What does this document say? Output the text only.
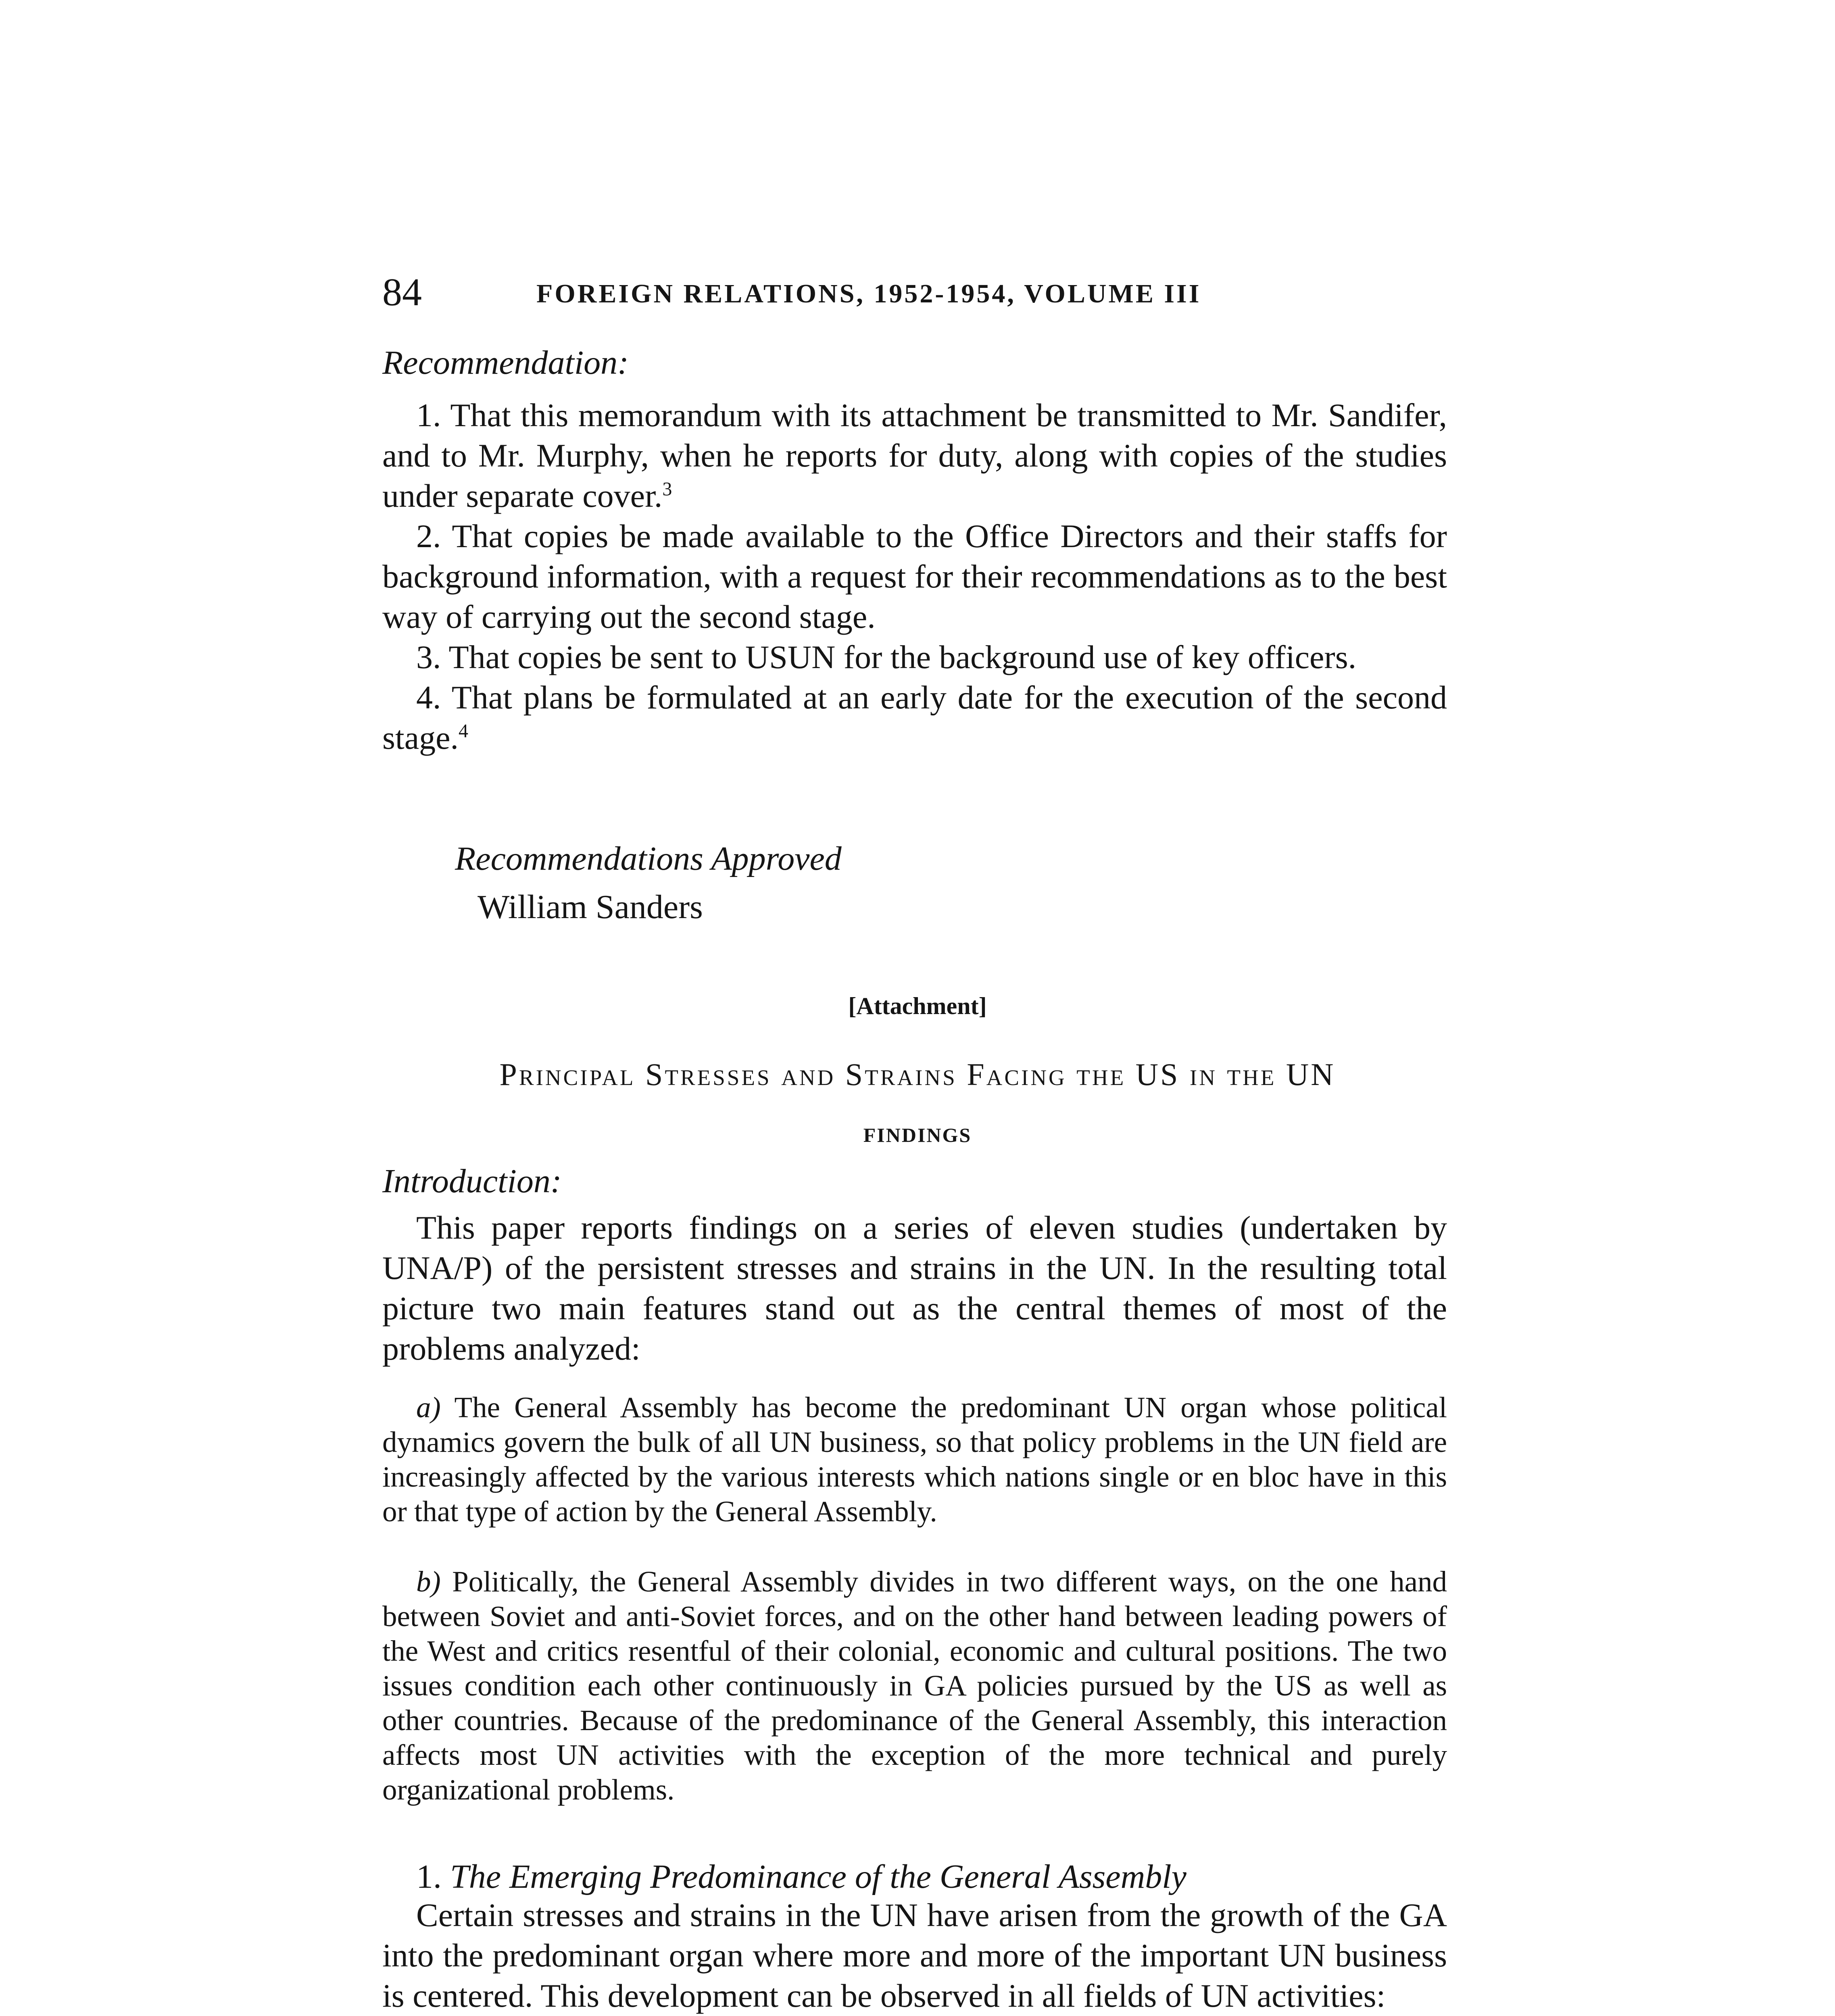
84	FOREIGN RELATIONS, 1952-1954, VOLUME III
Recommendation:
1. That this memorandum with its attachment be transmitted to Mr. Sandifer, and to Mr. Murphy, when he reports for duty, along with copies of the studies under separate cover.$^3$
2. That copies be made available to the Office Directors and their staffs for background information, with a request for their recommendations as to the best way of carrying out the second stage.
3. That copies be sent to USUN for the background use of key officers.
4. That plans be formulated at an early date for the execution of the second stage.$^4$
Recommendations Approved
William Sanders
[Attachment]
Principal Stresses and Strains Facing the US in the UN
FINDINGS
Introduction:

This paper reports findings on a series of eleven studies (undertaken by UNA/P) of the persistent stresses and strains in the UN. In the resulting total picture two main features stand out as the central themes of most of the problems analyzed:

a) The General Assembly has become the predominant UN organ whose political dynamics govern the bulk of all UN business, so that policy problems in the UN field are increasingly affected by the various interests which nations single or en bloc have in this or that type of action by the General Assembly.

b) Politically, the General Assembly divides in two different ways, on the one hand between Soviet and anti-Soviet forces, and on the other hand between leading powers of the West and critics resentful of their colonial, economic and cultural positions. The two issues condition each other continuously in GA policies pursued by the US as well as other countries. Because of the predominance of the General Assembly, this interaction affects most UN activities with the exception of the more technical and purely organizational problems.

1. The Emerging Predominance of the General Assembly

Certain stresses and strains in the UN have arisen from the growth of the GA into the predominant organ where more and more of the important UN business is centered. This development can be observed in all fields of UN activities:
